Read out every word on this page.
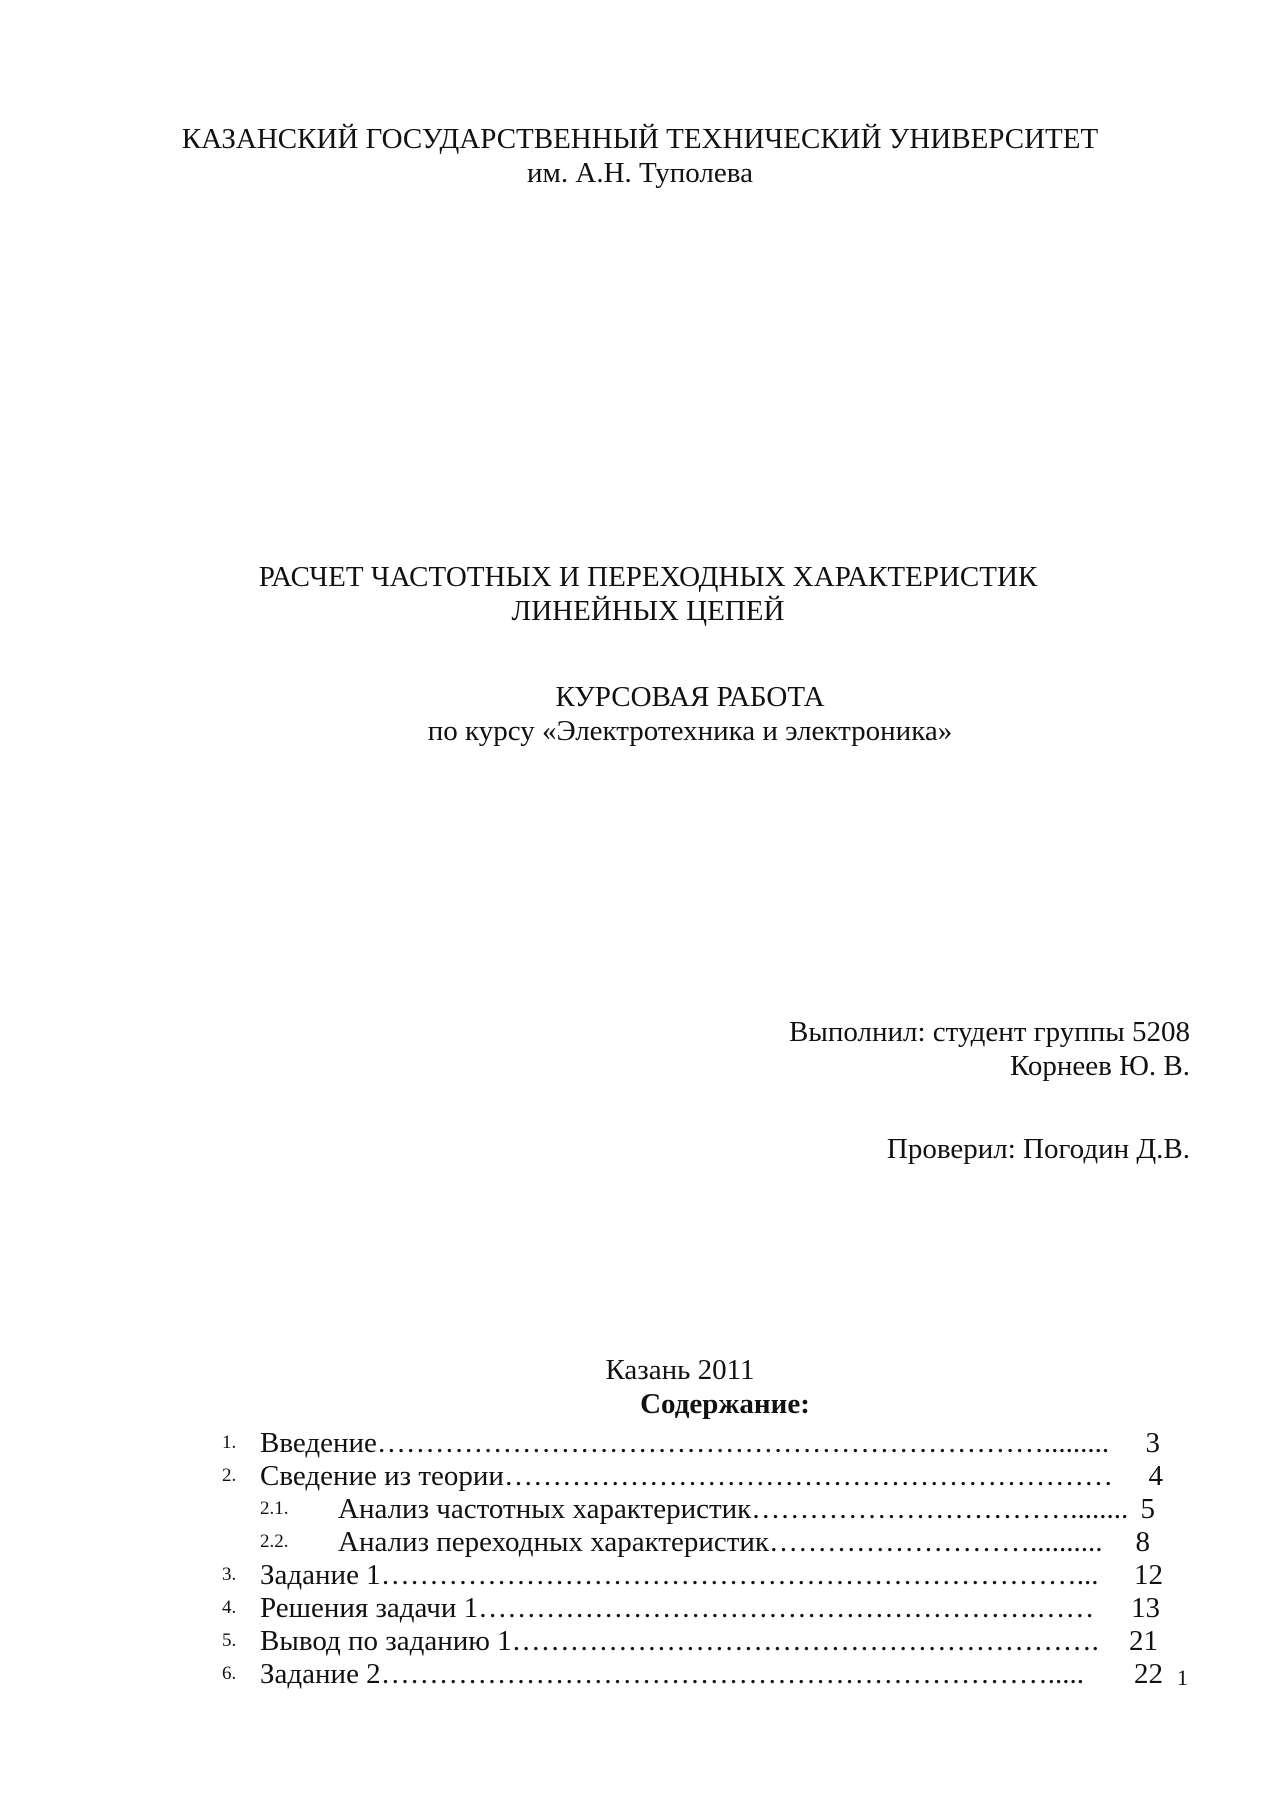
КАЗАНСКИЙ ГОСУДАРСТВЕННЫЙ ТЕХНИЧЕСКИЙ УНИВЕРСИТЕТ
им. А.Н. Туполева
РАСЧЕТ ЧАСТОТНЫХ И ПЕРЕХОДНЫХ ХАРАКТЕРИСТИК
ЛИНЕЙНЫХ ЦЕПЕЙ
КУРСОВАЯ РАБОТА
по курсу «Электротехника и электроника»
Выполнил: студент группы 5208
Корнеев Ю. В.
Проверил: Погодин Д.В.
Казань 2011
Содержание:
1. Введение …………………………………………………………….........	3
2. Сведение из теории ………………………………………………………	4
2.1. Анализ частотных характеристик ……………………………........ 5
2.2. Анализ переходных характеристик ………………………..........	8
3. Задание 1 ………………………………………………………………...	12
4. Решения задачи 1 ………………………………………………….……	13
5. Вывод по заданию 1 …………………………………………………….	21
6. Задание 2 …………………………………………………………….....	22 1
